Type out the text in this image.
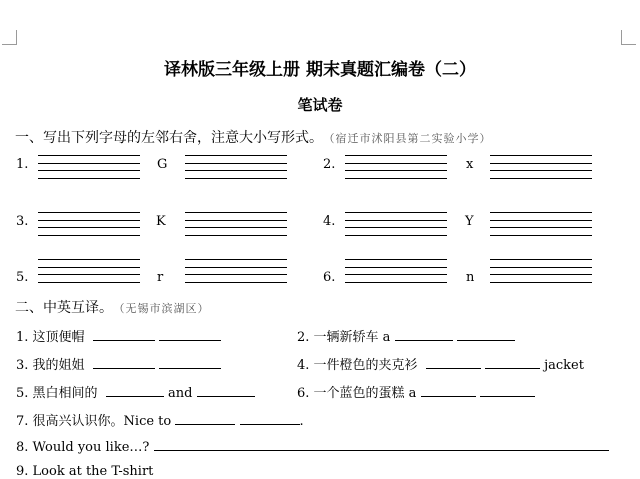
译林版三年级上册 期末真题汇编卷（二）
笔试卷
一、写出下列字母的左邻右舍，注意大小写形式。 （宿迁市沭阳县第二实验小学）
1.	G	2.	x
3.	K	4.	Y
5.	r	6.	n
二、中英互译。 （无锡市滨湖区）
1. 这顶便帽	2. 一辆新轿车 a
3. 我的姐姐	4. 一件橙色的夹克衫	jacket
5. 黑白相间的	and	6. 一个蓝色的蛋糕 a
7. 很高兴认识你。Nice to	.
8. Would you like…?
9. Look at the T-shirt
